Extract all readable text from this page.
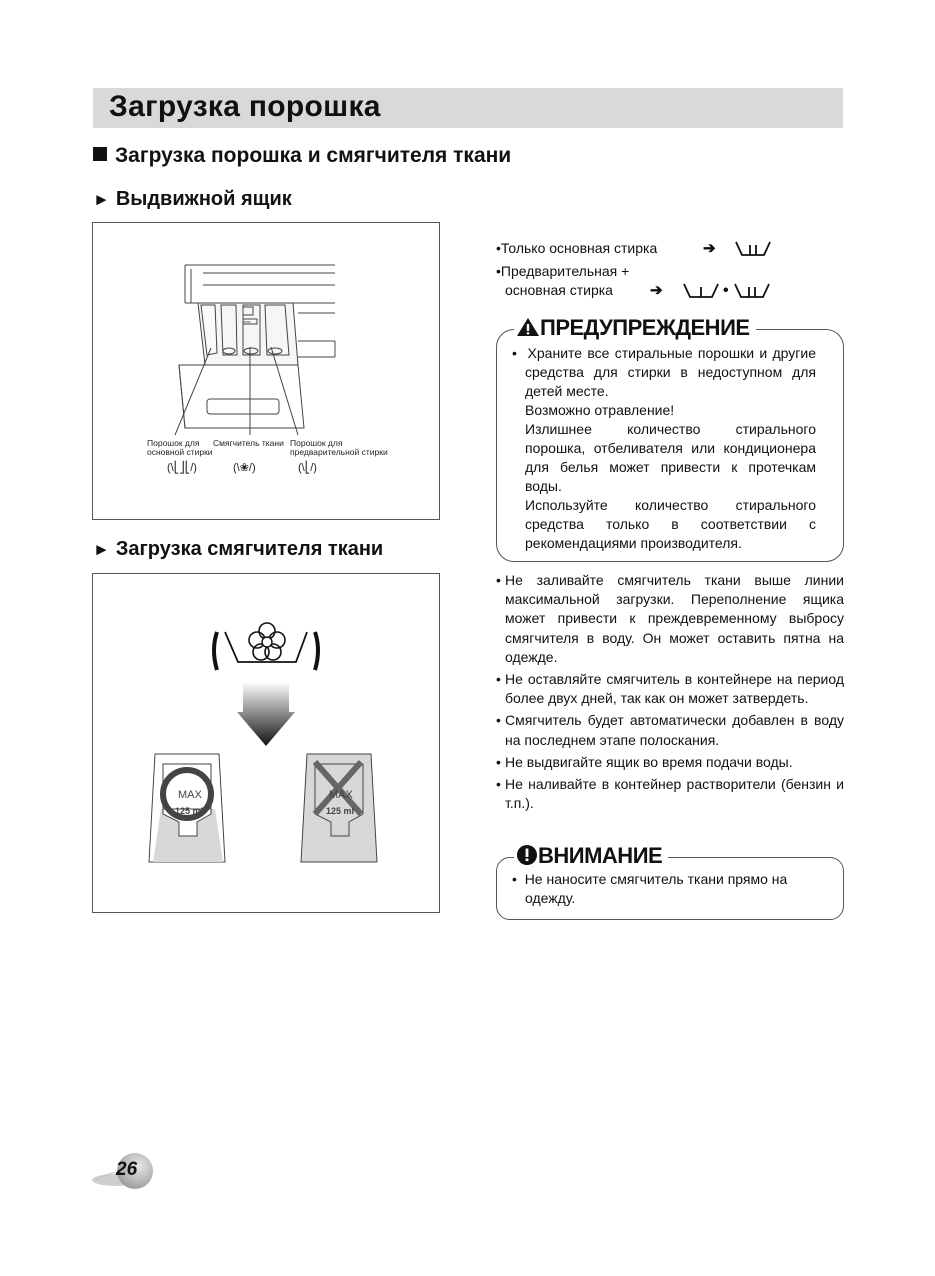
Загрузка порошка
Загрузка порошка и смягчителя ткани
► Выдвижной ящик
max
Порошок для
основной стирки
Смягчитель ткани Порошок для
предварительной стирки
(\⎣⎦⎣/)	(\❀/)	(\⎣/)
► Загрузка смягчителя ткани
MAX
125 ml
MAX
125 ml
•Только основная стирка	➔
•Предварительная +
основная стирка ➔	•
ПРЕДУПРЕЖДЕНИЕ

•  Храните все стиральные порошки и другие средства для стирки в недоступном для детей месте.

Возможно отравление!

Излишнее количество стирального порошка, отбеливателя или кондиционера для белья может привести к протечкам воды.

Используйте количество стирального средства только в соответствии с рекомендациями производителя.

• Не заливайте смягчитель ткани выше линии максимальной загрузки. Переполнение ящика может привести к преждевременному выбросу смягчителя в воду. Он может оставить пятна на одежде.
• Не оставляйте смягчитель в контейнере на период более двух дней, так как он может затвердеть.
• Смягчитель будет автоматически добавлен в воду на последнем этапе полоскания.
• Не выдвигайте ящик во время подачи воды.
• Не наливайте в контейнер растворители (бензин и т.п.).
ВНИМАНИЕ
•  Не наносите смягчитель ткани прямо на одежду.
26
